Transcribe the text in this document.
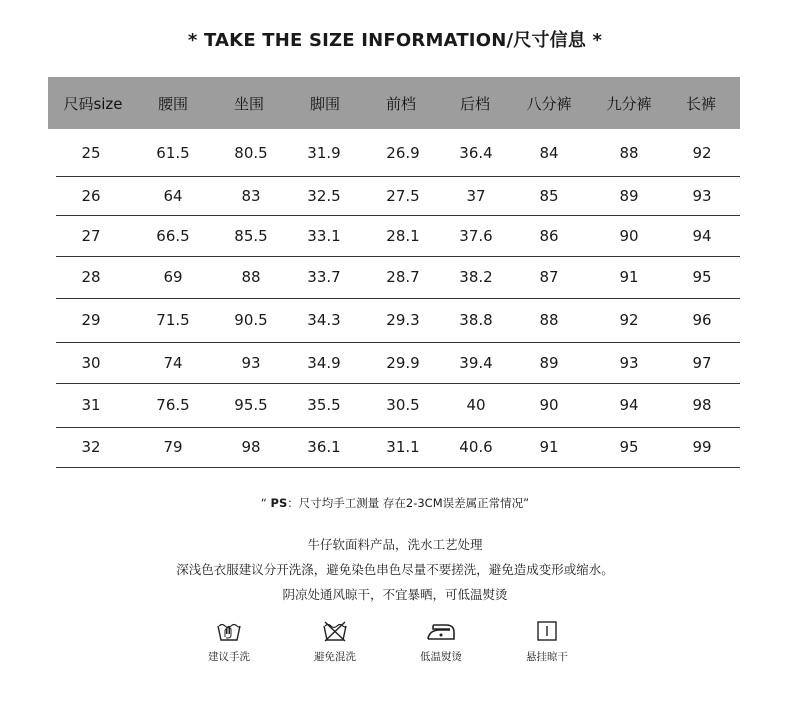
* TAKE THE SIZE INFORMATION/尺寸信息 *
尺码size	腰围	坐围	脚围	前档	后档	八分裤	九分裤	长裤
25	61.5	80.5	31.9	26.9	36.4	84	88	92
26	64	83	32.5	27.5	37	85	89	93
27	66.5	85.5	33.1	28.1	37.6	86	90	94
28	69	88	33.7	28.7	38.2	87	91	95
29	71.5	90.5	34.3	29.3	38.8	88	92	96
30	74	93	34.9	29.9	39.4	89	93	97
31	76.5	95.5	35.5	30.5	40	90	94	98
32	79	98	36.1	31.1	40.6	91	95	99
“ PS：尺寸均手工测量 存在2-3CM误差属正常情况”
牛仔软面料产品，洗水工艺处理
深浅色衣服建议分开洗涤，避免染色串色尽量不要搓洗，避免造成变形或缩水。
阴凉处通风晾干，不宜暴晒，可低温熨烫
建议手洗	避免混洗	低温熨烫	悬挂晾干
